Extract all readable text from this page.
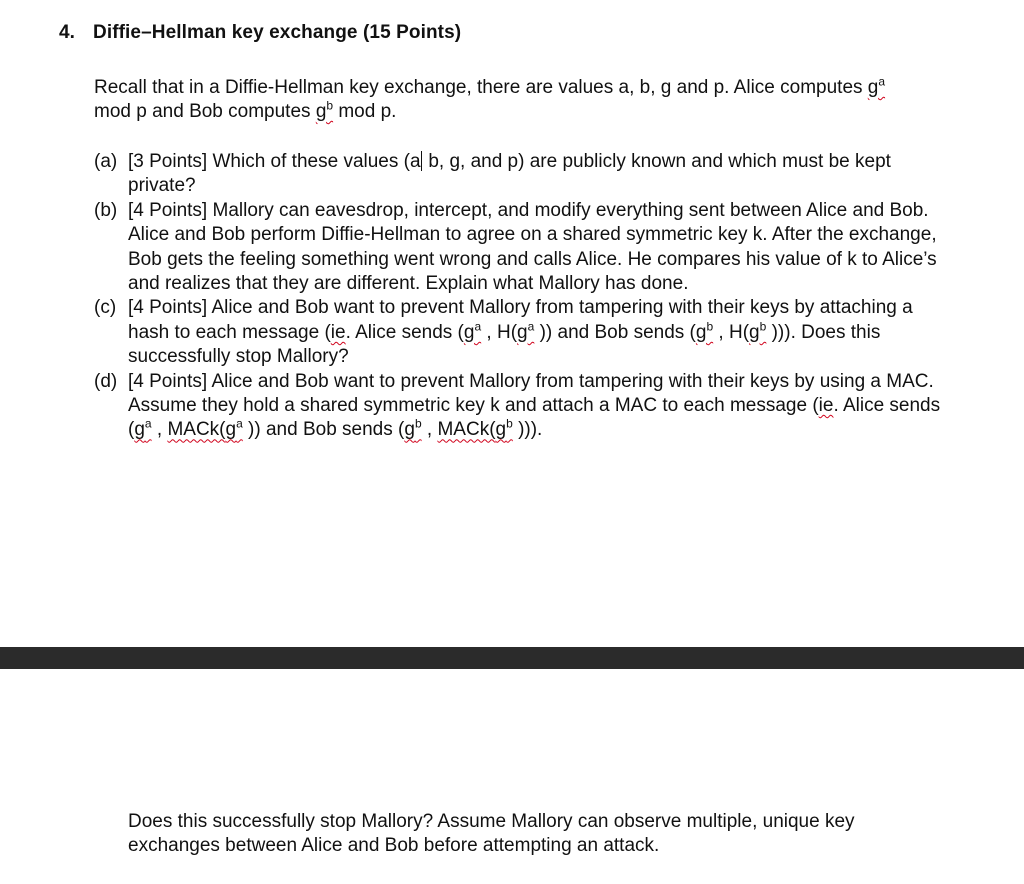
4. Diffie–Hellman key exchange (15 Points)
Recall that in a Diffie-Hellman key exchange, there are values a, b, g and p. Alice computes $g^a$ mod p and Bob computes $g^b$ mod p.
(a) [3 Points] Which of these values (a b, g, and p) are publicly known and which must be kept private?
(b) [4 Points] Mallory can eavesdrop, intercept, and modify everything sent between Alice and Bob. Alice and Bob perform Diffie-Hellman to agree on a shared symmetric key k. After the exchange, Bob gets the feeling something went wrong and calls Alice. He compares his value of k to Alice’s and realizes that they are different. Explain what Mallory has done.
(c) [4 Points] Alice and Bob want to prevent Mallory from tampering with their keys by attaching a hash to each message (ie. Alice sends ($g^a$ , $H(g^a$ )) and Bob sends ($g^b$ , $H(g^b$ ))). Does this successfully stop Mallory?
(d) [4 Points] Alice and Bob want to prevent Mallory from tampering with their keys by using a MAC. Assume they hold a shared symmetric key k and attach a MAC to each message (ie. Alice sends ($g^a$ , $MACk(g^a$ )) and Bob sends ($g^b$ , $MACk(g^b$ ))).
Does this successfully stop Mallory? Assume Mallory can observe multiple, unique key exchanges between Alice and Bob before attempting an attack.
